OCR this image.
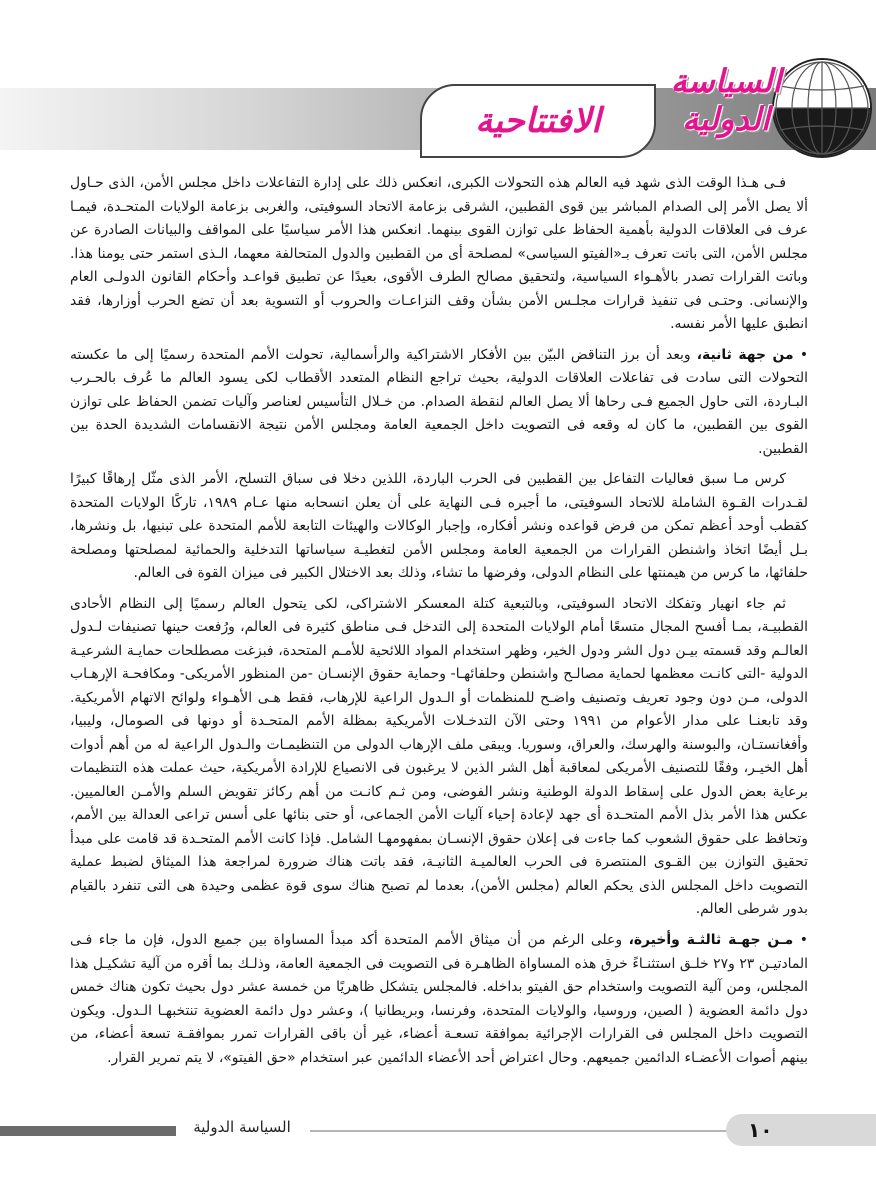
الافتتاحية
السياسة
الدولية

فـى هـذا الوقت الذى شهد فيه العالم هذه التحولات الكبرى، انعكس ذلك على إدارة التفاعلات داخل مجلس الأمن، الذى حـاول ألا يصل الأمر إلى الصدام المباشر بين قوى القطبين، الشرقى بزعامة الاتحاد السوفيتى، والغربى بزعامة الولايات المتحـدة، فيمـا عرف فى العلاقات الدولية بأهمية الحفاظ على توازن القوى بينهما. انعكس هذا الأمر سياسيًا على المواقف والبيانات الصادرة عن مجلس الأمن، التى باتت تعرف بـ«الفيتو السياسى» لمصلحة أى من القطبين والدول المتحالفة معهما، الـذى استمر حتى يومنا هذا. وباتت القرارات تصدر بالأهـواء السياسية، ولتحقيق مصالح الطرف الأقوى، بعيدًا عن تطبيق قواعـد وأحكام القانون الدولـى العام والإنسانى. وحتـى فى تنفيذ قرارات مجلـس الأمن بشأن وقف النزاعـات والحروب أو التسوية بعد أن تضع الحرب أوزارها، فقد انطبق عليها الأمر نفسه.

• من جهة ثانية، وبعد أن برز التناقض البيّن بين الأفكار الاشتراكية والرأسمالية، تحولت الأمم المتحدة رسميًا إلى ما عكسته التحولات التى سادت فى تفاعلات العلاقات الدولية، بحيث تراجع النظام المتعدد الأقطاب لكى يسود العالم ما عُرف بالحـرب البـاردة، التى حاول الجميع فـى رحاها ألا يصل العالم لنقطة الصدام. من خـلال التأسيس لعناصر وآليات تضمن الحفاظ على توازن القوى بين القطبين، ما كان له وقعه فى التصويت داخل الجمعية العامة ومجلس الأمن نتيجة الانقسامات الشديدة الحدة بين القطبين.

كرس مـا سبق فعاليات التفاعل بين القطبين فى الحرب الباردة، اللذين دخلا فى سباق التسلح، الأمر الذى مثّل إرهاقًا كبيرًا لقـدرات القـوة الشاملة للاتحاد السوفيتى، ما أجبره فـى النهاية على أن يعلن انسحابه منها عـام ١٩٨٩، تاركًا الولايات المتحدة كقطب أوحد أعظم تمكن من فرض قواعده ونشر أفكاره، وإجبار الوكالات والهيئات التابعة للأمم المتحدة على تبنيها، بل ونشرها، بـل أيضًا اتخاذ واشنطن القرارات من الجمعية العامة ومجلس الأمن لتغطيـة سياساتها التدخلية والحمائية لمصلحتها ومصلحة حلفائها، ما كرس من هيمنتها على النظام الدولى، وفرضها ما تشاء، وذلك بعد الاختلال الكبير فى ميزان القوة فى العالم.

ثم جاء انهيار وتفكك الاتحاد السوفيتى، وبالتبعية كتلة المعسكر الاشتراكى، لكى يتحول العالم رسميًا إلى النظام الأحادى القطبيـة، بمـا أفسح المجال متسعًا أمام الولايات المتحدة إلى التدخل فـى مناطق كثيرة فى العالم، ورُفعت حينها تصنيفات لـدول العالـم وقد قسمته بيـن دول الشر ودول الخير، وظهر استخدام المواد اللائحية للأمـم المتحدة، فبزغت مصطلحات حمايـة الشرعيـة الدولية -التى كانـت معظمها لحماية مصالـح واشنطن وحلفائهـا- وحماية حقوق الإنسـان -من المنظور الأمريكى- ومكافحـة الإرهـاب الدولى، مـن دون وجود تعريف وتصنيف واضـح للمنظمات أو الـدول الراعية للإرهاب، فقط هـى الأهـواء ولوائح الاتهام الأمريكية. وقد تابعنـا على مدار الأعوام من ١٩٩١ وحتى الآن التدخـلات الأمريكية بمظلة الأمم المتحـدة أو دونها فى الصومال، وليبيا، وأفغانستـان، والبوسنة والهرسك، والعراق، وسوريا. ويبقى ملف الإرهاب الدولى من التنظيمـات والـدول الراعية له من أهم أدوات أهل الخيـر، وفقًا للتصنيف الأمريكى لمعاقبة أهل الشر الذين لا يرغبون فى الانصياع للإرادة الأمريكية، حيث عملت هذه التنظيمات برعاية بعض الدول على إسقاط الدولة الوطنية ونشر الفوضى، ومن ثـم كانـت من أهم ركائز تقويض السلم والأمـن العالميين. عكس هذا الأمر بذل الأمم المتحـدة أى جهد لإعادة إحياء آليات الأمن الجماعى، أو حتى بنائها على أسس تراعى العدالة بين الأمم، وتحافظ على حقوق الشعوب كما جاءت فى إعلان حقوق الإنسـان بمفهومهـا الشامل. فإذا كانت الأمم المتحـدة قد قامت على مبدأ تحقيق التوازن بين القـوى المنتصرة فى الحرب العالميـة الثانيـة، فقد باتت هناك ضرورة لمراجعة هذا الميثاق لضبط عملية التصويت داخل المجلس الذى يحكم العالم (مجلس الأمن)، بعدما لم تصبح هناك سوى قوة عظمى وحيدة هى التى تنفرد بالقيام بدور شرطى العالم.

• مـن جهـة ثالثـة وأخيرة، وعلى الرغم من أن ميثاق الأمم المتحدة أكد مبدأ المساواة بين جميع الدول، فإن ما جاء فـى المادتيـن ٢٣ و٢٧ خلـق استثنـاءً خرق هذه المساواة الظاهـرة فى التصويت فى الجمعية العامة، وذلـك بما أقره من آلية تشكيـل هذا المجلس، ومن آلية التصويت واستخدام حق الفيتو بداخله. فالمجلس يتشكل ظاهريًا من خمسة عشر دول بحيث تكون هناك خمس دول دائمة العضوية ( الصين، وروسيا، والولايات المتحدة، وفرنسا، وبريطانيا )، وعشر دول دائمة العضوية تنتخبهـا الـدول. ويكون التصويت داخل المجلس فى القرارات الإجرائية بموافقة تسعـة أعضاء، غير أن باقى القرارات تمرر بموافقـة تسعة أعضاء، من بينهم أصوات الأعضـاء الدائمين جميعهم. وحال اعتراض أحد الأعضاء الدائمين عبر استخدام «حق الفيتو»، لا يتم تمرير القرار.

السياسة الدولية	١٠
